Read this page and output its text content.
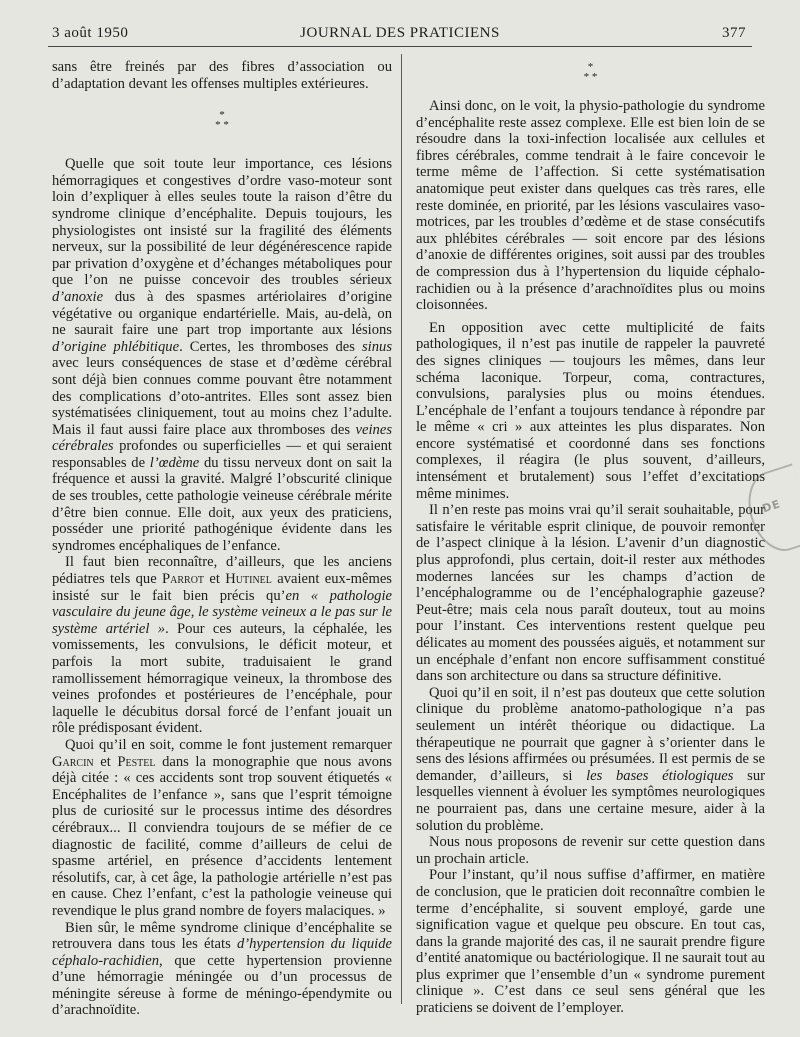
3 août 1950	JOURNAL DES PRATICIENS	377

sans être freinés par des fibres d’association ou d’adaptation devant les offenses multiples extérieures.

*
* *

Quelle que soit toute leur importance, ces lésions hémorragiques et congestives d’ordre vaso-moteur sont loin d’expliquer à elles seules toute la raison d’être du syndrome clinique d’encéphalite. Depuis toujours, les physiologistes ont insisté sur la fragilité des éléments nerveux, sur la possibilité de leur dégénérescence rapide par privation d’oxygène et d’échanges métaboliques pour que l’on ne puisse concevoir des troubles sérieux d’anoxie dus à des spasmes artériolaires d’origine végétative ou organique endartérielle. Mais, au-delà, on ne saurait faire une part trop importante aux lésions d’origine phlébitique. Certes, les thromboses des sinus avec leurs conséquences de stase et d’œdème cérébral sont déjà bien connues comme pouvant être notamment des complications d’oto-antrites. Elles sont assez bien systématisées cliniquement, tout au moins chez l’adulte. Mais il faut aussi faire place aux thromboses des veines cérébrales profondes ou superficielles — et qui seraient responsables de l’œdème du tissu nerveux dont on sait la fréquence et aussi la gravité. Malgré l’obscurité clinique de ses troubles, cette pathologie veineuse cérébrale mérite d’être bien connue. Elle doit, aux yeux des praticiens, posséder une priorité pathogénique évidente dans les syndromes encéphaliques de l’enfance.

Il faut bien reconnaître, d’ailleurs, que les anciens pédiatres tels que Parrot et Hutinel avaient eux-mêmes insisté sur le fait bien précis qu’en « pathologie vasculaire du jeune âge, le système veineux a le pas sur le système artériel ». Pour ces auteurs, la céphalée, les vomissements, les convulsions, le déficit moteur, et parfois la mort subite, traduisaient le grand ramollissement hémorragique veineux, la thrombose des veines profondes et postérieures de l’encéphale, pour laquelle le décubitus dorsal forcé de l’enfant jouait un rôle prédisposant évident.

Quoi qu’il en soit, comme le font justement remarquer Garcin et Pestel dans la monographie que nous avons déjà citée : « ces accidents sont trop souvent étiquetés « Encéphalites de l’enfance », sans que l’esprit témoigne plus de curiosité sur le processus intime des désordres cérébraux... Il conviendra toujours de se méfier de ce diagnostic de facilité, comme d’ailleurs de celui de spasme artériel, en présence d’accidents lentement résolutifs, car, à cet âge, la pathologie artérielle n’est pas en cause. Chez l’enfant, c’est la pathologie veineuse qui revendique le plus grand nombre de foyers malaciques. »

Bien sûr, le même syndrome clinique d’encéphalite se retrouvera dans tous les états d’hypertension du liquide céphalo-rachidien, que cette hypertension provienne d’une hémorragie méningée ou d’un processus de méningite séreuse à forme de méningo-épendymite ou d’arachnoïdite.

*
* *

Ainsi donc, on le voit, la physio-pathologie du syndrome d’encéphalite reste assez complexe. Elle est bien loin de se résoudre dans la toxi-infection localisée aux cellules et fibres cérébrales, comme tendrait à le faire concevoir le terme même de l’affection. Si cette systématisation anatomique peut exister dans quelques cas très rares, elle reste dominée, en priorité, par les lésions vasculaires vaso-motrices, par les troubles d’œdème et de stase consécutifs aux phlébites cérébrales — soit encore par des lésions d’anoxie de différentes origines, soit aussi par des troubles de compression dus à l’hypertension du liquide céphalo-rachidien ou à la présence d’arachnoïdites plus ou moins cloisonnées.

En opposition avec cette multiplicité de faits pathologiques, il n’est pas inutile de rappeler la pauvreté des signes cliniques — toujours les mêmes, dans leur schéma laconique. Torpeur, coma, contractures, convulsions, paralysies plus ou moins étendues. L’encéphale de l’enfant a toujours tendance à répondre par le même « cri » aux atteintes les plus disparates. Non encore systématisé et coordonné dans ses fonctions complexes, il réagira (le plus souvent, d’ailleurs, intensément et brutalement) sous l’effet d’excitations même minimes.

Il n’en reste pas moins vrai qu’il serait souhaitable, pour satisfaire le véritable esprit clinique, de pouvoir remonter de l’aspect clinique à la lésion. L’avenir d’un diagnostic plus approfondi, plus certain, doit-il rester aux méthodes modernes lancées sur les champs d’action de l’encéphalogramme ou de l’encéphalographie gazeuse? Peut-être; mais cela nous paraît douteux, tout au moins pour l’instant. Ces interventions restent quelque peu délicates au moment des poussées aiguës, et notamment sur un encéphale d’enfant non encore suffisamment constitué dans son architecture ou dans sa structure définitive.

Quoi qu’il en soit, il n’est pas douteux que cette solution clinique du problème anatomo-pathologique n’a pas seulement un intérêt théorique ou didactique. La thérapeutique ne pourrait que gagner à s’orienter dans le sens des lésions affirmées ou présumées. Il est permis de se demander, d’ailleurs, si les bases étiologiques sur lesquelles viennent à évoluer les symptômes neurologiques ne pourraient pas, dans une certaine mesure, aider à la solution du problème.

Nous nous proposons de revenir sur cette question dans un prochain article.

Pour l’instant, qu’il nous suffise d’affirmer, en matière de conclusion, que le praticien doit reconnaître combien le terme d’encéphalite, si souvent employé, garde une signification vague et quelque peu obscure. En tout cas, dans la grande majorité des cas, il ne saurait prendre figure d’entité anatomique ou bactériologique. Il ne saurait tout au plus exprimer que l’ensemble d’un « syndrome purement clinique ». C’est dans ce seul sens général que les praticiens se doivent de l’employer.

DE
